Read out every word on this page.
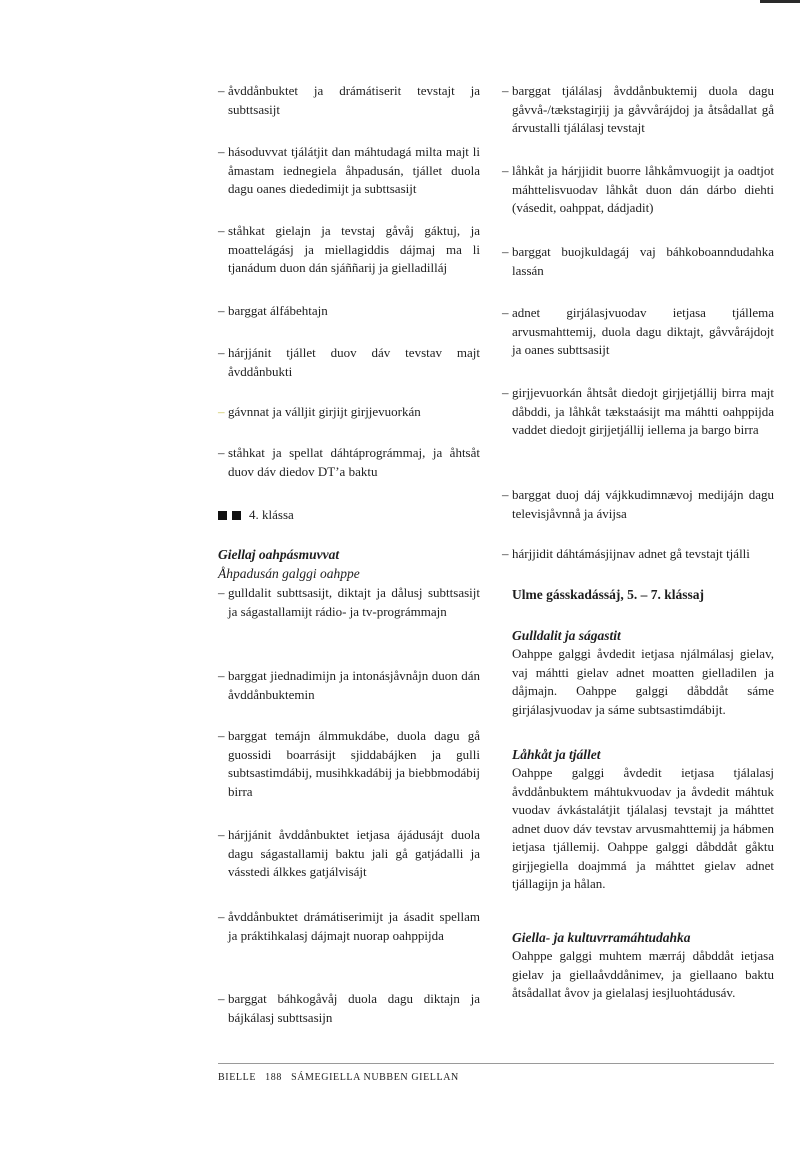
– åvddånbuktet ja drámátiserit tevstajt ja subttsasijt

– hásoduvvat tjálátjit dan máhtudagá milta majt li åmastam iednegiela åhpadusán, tjállet duola dagu oanes diededimijt ja subttsasijt

– ståhkat gielajn ja tevstaj gåvåj gáktuj, ja moattelágásj ja miellagiddis dájmaj ma li tjanádum duon dán sjáññarij ja gielladilláj

– barggat álfábehtajn

– hárjjánit tjállet duov dáv tevstav majt åvddånbukti

– gávnnat ja válljit girjijt girjjevuorkán

– ståhkat ja spellat dáhtáprográmmaj, ja åhtsåt duov dáv diedov DT’a baktu

4. klássa
Giellaj oahpásmuvvat
Åhpadusán galggi oahppe

– gulldalit subttsasijt, diktajt ja dålusj subttsasijt ja ságastallamijt rádio- ja tv-prográmmajn

– barggat jiednadimijn ja intonásjåvnåjn duon dán åvddånbuktemin

– barggat temájn álmmukdábe, duola dagu gå guossidi boarrásijt sjiddabájken ja gulli subtsastimdábij, musihkkadábij ja biebbmodábij birra

– hárjjánit åvddånbuktet ietjasa ájádusájt duola dagu ságastallamij baktu jali gå gatjádalli ja vásstedi álkkes gatjálvisájt

– åvddånbuktet drámátiserimijt ja ásadit spellam ja práktihkalasj dájmajt nuorap oahppijda

– barggat báhkogåvåj duola dagu diktajn ja bájkálasj subttsasijn

– barggat tjálálasj åvddånbuktemij duola dagu gåvvå-/tækstagirjij ja gåvvårájdoj ja åtsådallat gå árvustalli tjálálasj tevstajt

– låhkåt ja hárjjidit buorre låhkåmvuogijt ja oadtjot máhttelisvuodav låhkåt duon dán dárbo diehti (vásedit, oahppat, dádjadit)

– barggat buojkuldagáj vaj báhkoboanndudahka lassán

– adnet girjálasjvuodav ietjasa tjállema arvusmahttemij, duola dagu diktajt, gåvvårájdojt ja oanes subttsasijt

– girjjevuorkán åhtsåt diedojt girjjetjállij birra majt dåbddi, ja låhkåt tækstaásijt ma máhtti oahppijda vaddet diedojt girjjetjállij iellema ja bargo birra

– barggat duoj dáj vájkkudimnævoj medijájn dagu televisjåvnnå ja ávijsa

– hárjjidit dáhtámásjijnav adnet gå tevstajt tjálli

Ulme gásskadássáj, 5. – 7. klássaj
Gulldalit ja ságastit

Oahppe galggi åvdedit ietjasa njálmálasj gielav, vaj máhtti gielav adnet moatten gielladilen ja dåjmajn. Oahppe galggi dåbddåt sáme girjálasjvuodav ja sáme subtsastimdábijt.

Låhkåt ja tjállet

Oahppe galggi åvdedit ietjasa tjálalasj åvddånbuktem máhtukvuodav ja åvdedit máhtuk vuodav ávkástalátjit tjálalasj tevstajt ja máhttet adnet duov dáv tevstav arvusmahttemij ja hábmen ietjasa tjállemij. Oahppe galggi dåbddåt gåktu girjjegiella doajmmá ja máhttet gielav adnet tjállagijn ja hålan.

Giella- ja kultuvrramáhtudahka

Oahppe galggi muhtem mærráj dåbddåt ietjasa gielav ja giellaåvddånimev, ja giellaano baktu åtsådallat åvov ja gielalasj iesjluohtádusáv.

BIELLE 188 SÁMEGIELLA NUBBEN GIELLAN
